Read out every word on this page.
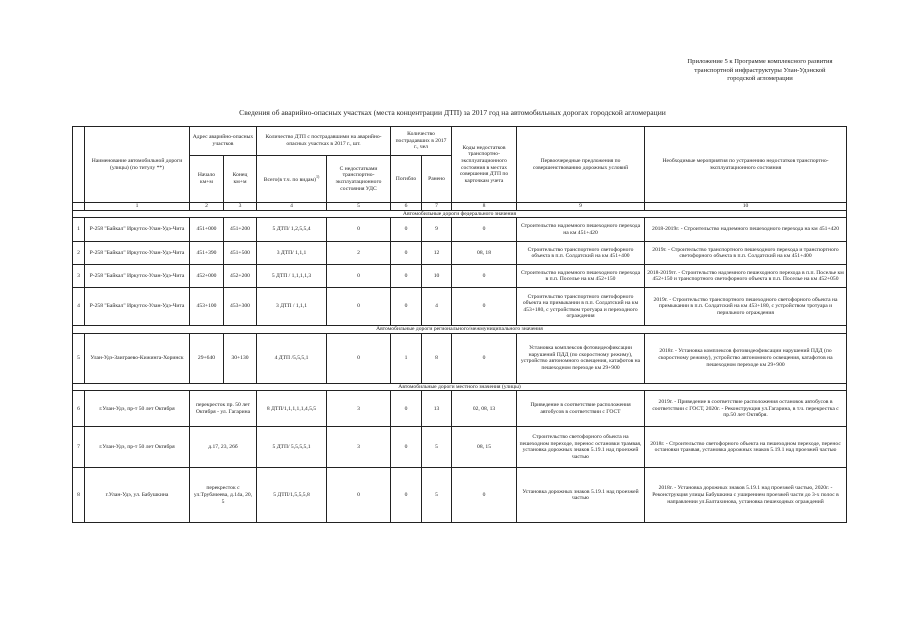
Приложение 5 к Программе комплексного развития
транспортной инфраструктуры Улан-Удэнской
городской агломерации
Сведения об аварийно-опасных участках (места концентрации ДТП) за 2017 год на автомобильных дорогах городской агломерации
	Наименование автомобильной дороги (улицы) (по титулу **)	Адрес аварийно-опасных участков		Количество ДТП с пострадавшими на аварийно-опасных участках в 2017 г., шт.		Количество пострадавших в 2017 г., чел		Коды недостатков транспортно-эксплуатационного состояния в местах совершения ДТП по карточкам учета	Первоочередные предложения по совершенствованию дорожных условий	Необходимые мероприятия по устранению недостатков транспортно-эксплуатационного состояния
		Начало км+м	Конец км+м	Всего(в т.ч. по видам)$^{1)}$	С недостатками транспортно-эксплуатационного состояния УДС	Погибло	Ранено			
	1	2	3	4	5	6	7	8	9	10
Автомобильные дороги федерального значения										
1	Р-258 "Байкал" Иркутск-Улан-Удэ-Чита	451+000	451+200	5 ДТП/ 1,2,5,5,4	0	0	9	0	Строительство надземного пешеходного перехода на км 451+420	2018-2019г. - Строительство надземного пешеходного перехода на км 451+420
2	Р-258 "Байкал" Иркутск-Улан-Удэ-Чита	451+390	451+500	3 ДТП/ 1,1,1	2	0	12	08, 18	Строительство транспортного светофорного объекта в п.п. Солдатский на км 451+400	2019г. - Строительство транспортного пешеходного перехода и транспортного светофорного объекта в п.п. Солдатский на км 451+400
3	Р-258 "Байкал" Иркутск-Улан-Удэ-Чита	452+000	452+200	5 ДТП / 1,1,1,1,3	0	0	10	0	Строительство надземного пешеходного перехода в п.п. Поселье на км 452+150	2018-2019гг. - Строительство надземного пешеходного перехода в п.п. Поселье км 452+150 и транспортного светофорного объекта в п.п. Поселье на км 452+050
4	Р-258 "Байкал" Иркутск-Улан-Удэ-Чита	453+100	453+300	3 ДТП / 1,1,1	0	0	4	0	Строительство транспортного светофорного объекта на примыкании в п.п. Солдатский на км 453+180, с устройством тротуара и переходного ограждения	2019г. - Строительство транспортного пешеходного светофорного объекта на примыкании в п.п. Солдатский на км 453+180, с устройством тротуара и перильного ограждения
Автомобильные дороги регионального/межмуниципального значения										
5	Улан-Удэ-Заиграево-Кижинга-Хоринск	29+640	30+130	4 ДТП /5,5,5,1	0	1	8	0	Установка комплексов фотовидеофиксации нарушений ПДД (по скоростному режиму), устройство автономного освещения, катафотов на пешеходном переходе км 29+900	2018г. - Установка комплексов фотовидеофиксации нарушений ПДД (по скоростному режиму), устройство автономного освещения, катафотов на пешеходном переходе км 29+900
Автомобильные дороги местного значения (улицы)										
6	г.Улан-Удэ, пр-т 50 лет Октября	перекресток пр. 50 лет Октября - ул. Гагарина		8 ДТП/1,1,1,1,1,4,5,5	3	0	13	02, 08, 13	Приведение в соответствие расположения автобусов в соответствии с ГОСТ	2019г. - Приведение в соответствие расположения остановок автобусов в соответствии с ГОСТ, 2020г. - Реконструкция ул.Гагарина, в т.ч. перекрестка с пр.50 лет Октября.
7	г.Улан-Удэ, пр-т 50 лет Октября	д.17, 23, 26б		5 ДТП/ 5,5,5,5,1	3	0	5	08, 15	Строительство светофорного объекта на пешеходном переходе, перенос остановки трамвая, установка дорожных знаков 5.19.1 над проезжей частью	2018г. - Строительство светофорного объекта на пешеходном переходе, перенос остановки трамвая, установка дорожных знаков 5.19.1 над проезжей частью
8	г.Улан-Удэ, ул. Бабушкина	перекресток с ул.Трубачеева, д.14а, 20, 5		5 ДТП/1,5,5,5,8	0	0	5	0	Установка дорожных знаков 5.19.1 над проезжей частью	2018г. - Установка дорожных знаков 5.19.1 над проезжей частью, 2020г. - Реконструкция улицы Бабушкина с уширением проезжей части до 3-х полос в направлении ул.Балтахинова, установка пешеходных ограждений
